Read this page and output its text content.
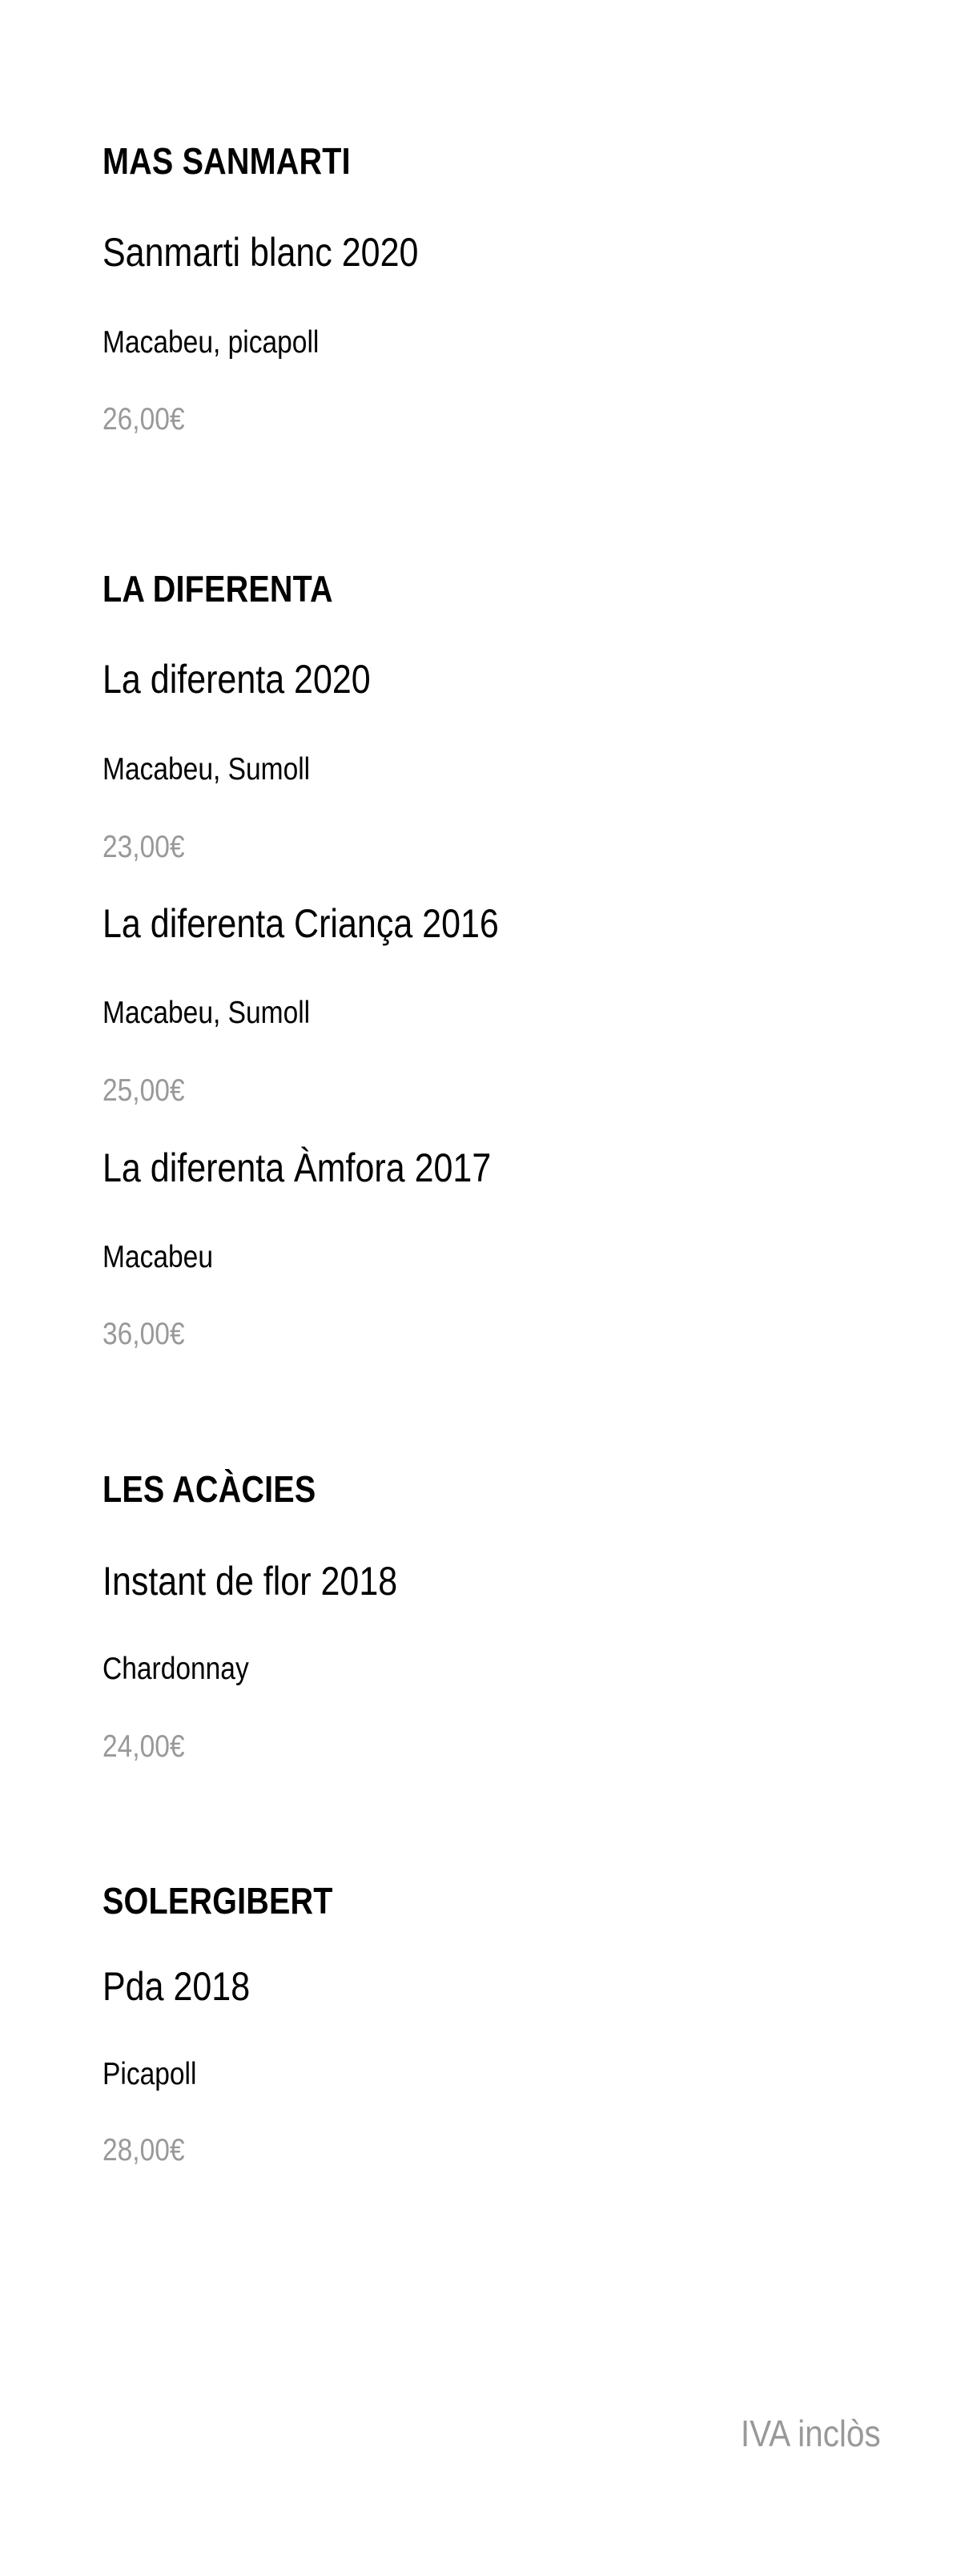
MAS SANMARTI
Sanmarti blanc 2020
Macabeu, picapoll
26,00€
LA DIFERENTA
La diferenta 2020
Macabeu, Sumoll
23,00€
La diferenta Criança 2016
Macabeu, Sumoll
25,00€
La diferenta Àmfora 2017
Macabeu
36,00€
LES ACÀCIES
Instant de flor 2018
Chardonnay
24,00€
SOLERGIBERT
Pda 2018
Picapoll
28,00€
IVA inclòs
